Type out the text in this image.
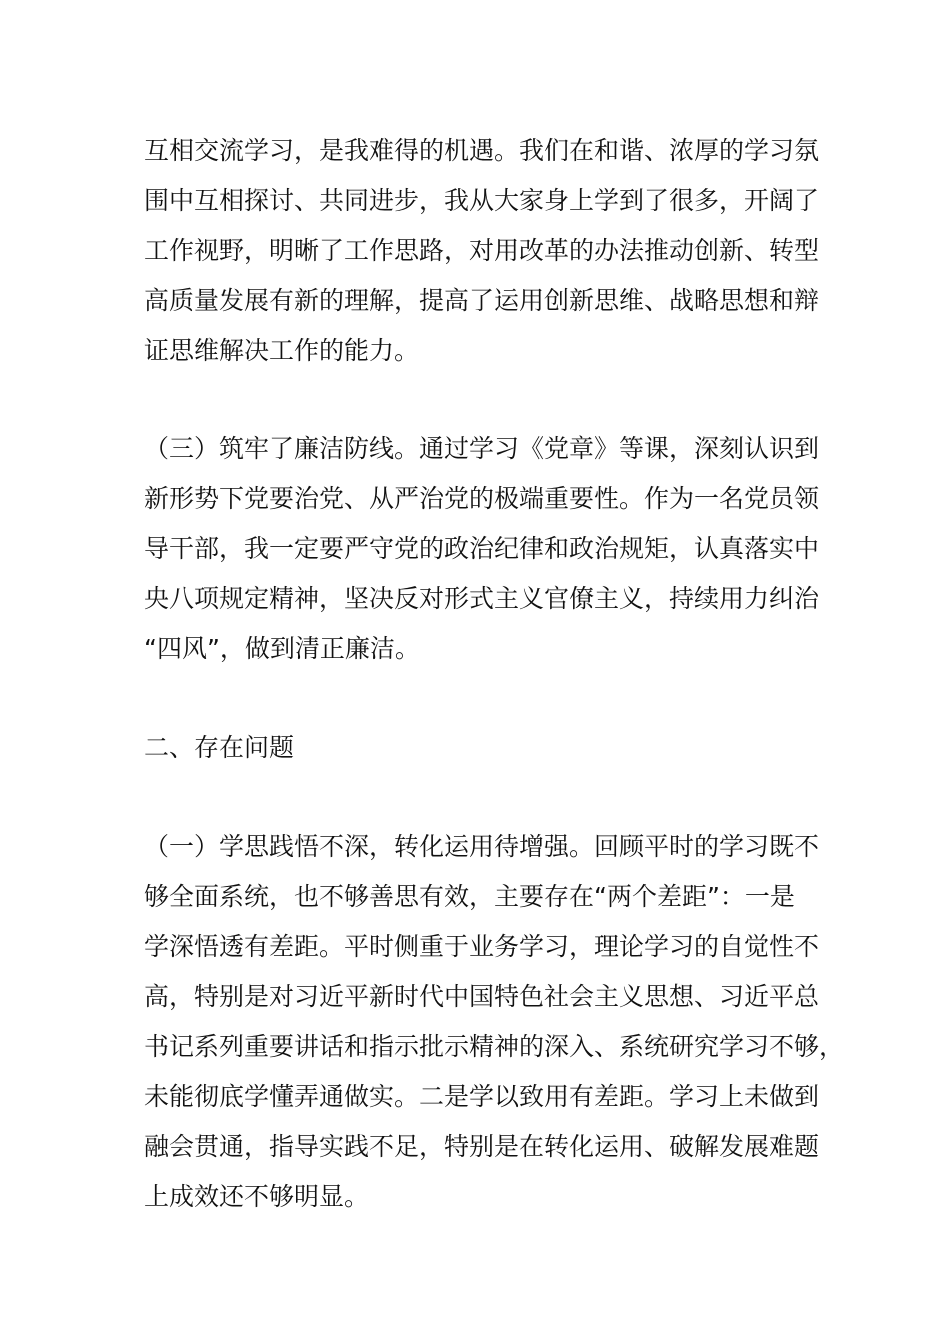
互相交流学习，是我难得的机遇。我们在和谐、浓厚的学习氛
围中互相探讨、共同进步，我从大家身上学到了很多，开阔了
工作视野，明晰了工作思路，对用改革的办法推动创新、转型
高质量发展有新的理解，提高了运用创新思维、战略思想和辩
证思维解决工作的能力。
（三）筑牢了廉洁防线。通过学习《党章》等课，深刻认识到
新形势下党要治党、从严治党的极端重要性。作为一名党员领
导干部，我一定要严守党的政治纪律和政治规矩，认真落实中
央八项规定精神，坚决反对形式主义官僚主义，持续用力纠治
“四风”，做到清正廉洁。
二、存在问题
（一）学思践悟不深，转化运用待增强。回顾平时的学习既不
够全面系统，也不够善思有效，主要存在“两个差距”：一是
学深悟透有差距。平时侧重于业务学习，理论学习的自觉性不
高，特别是对习近平新时代中国特色社会主义思想、习近平总
书记系列重要讲话和指示批示精神的深入、系统研究学习不够，
未能彻底学懂弄通做实。二是学以致用有差距。学习上未做到
融会贯通，指导实践不足，特别是在转化运用、破解发展难题
上成效还不够明显。
